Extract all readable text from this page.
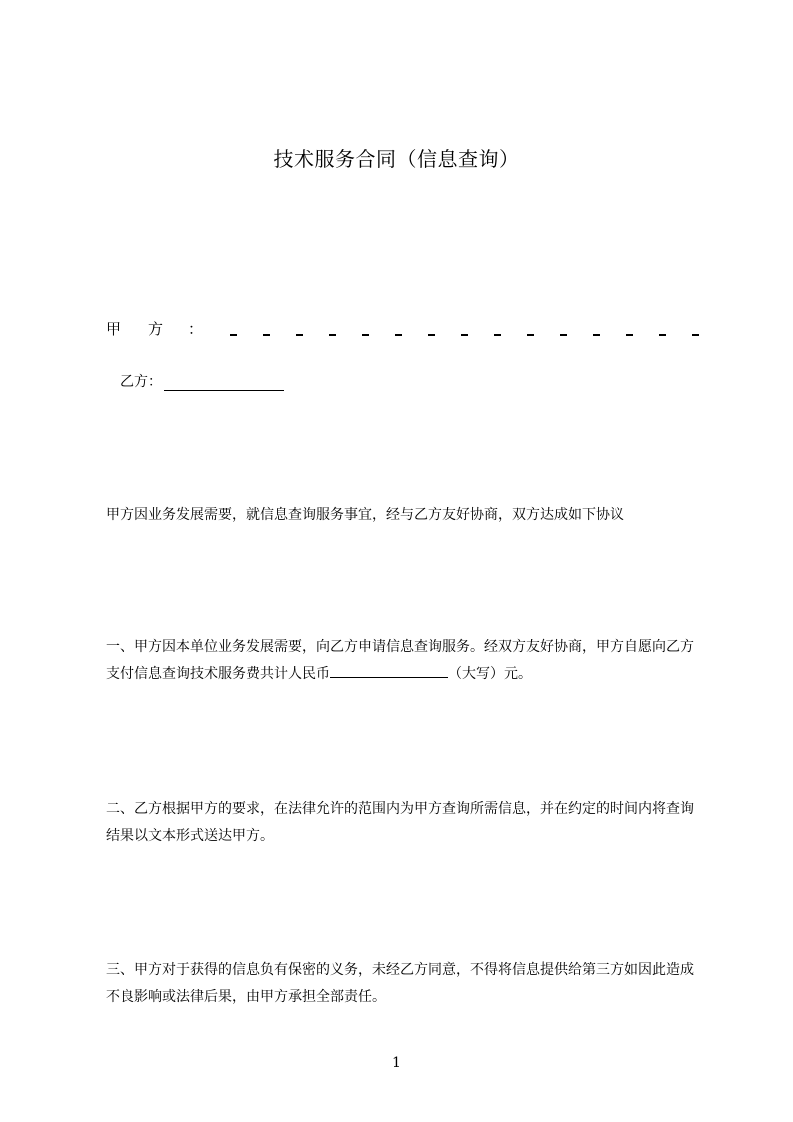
技术服务合同（信息查询）
甲 方 ：
乙方：
甲方因业务发展需要，就信息查询服务事宜，经与乙方友好协商，双方达成如下协议
一、甲方因本单位业务发展需要，向乙方申请信息查询服务。经双方友好协商，甲方自愿向乙方支付信息查询技术服务费共计人民币	（大写）元。
二、乙方根据甲方的要求，在法律允许的范围内为甲方查询所需信息，并在约定的时间内将查询结果以文本形式送达甲方。
三、甲方对于获得的信息负有保密的义务，未经乙方同意，不得将信息提供给第三方如因此造成不良影响或法律后果，由甲方承担全部责任。
1
